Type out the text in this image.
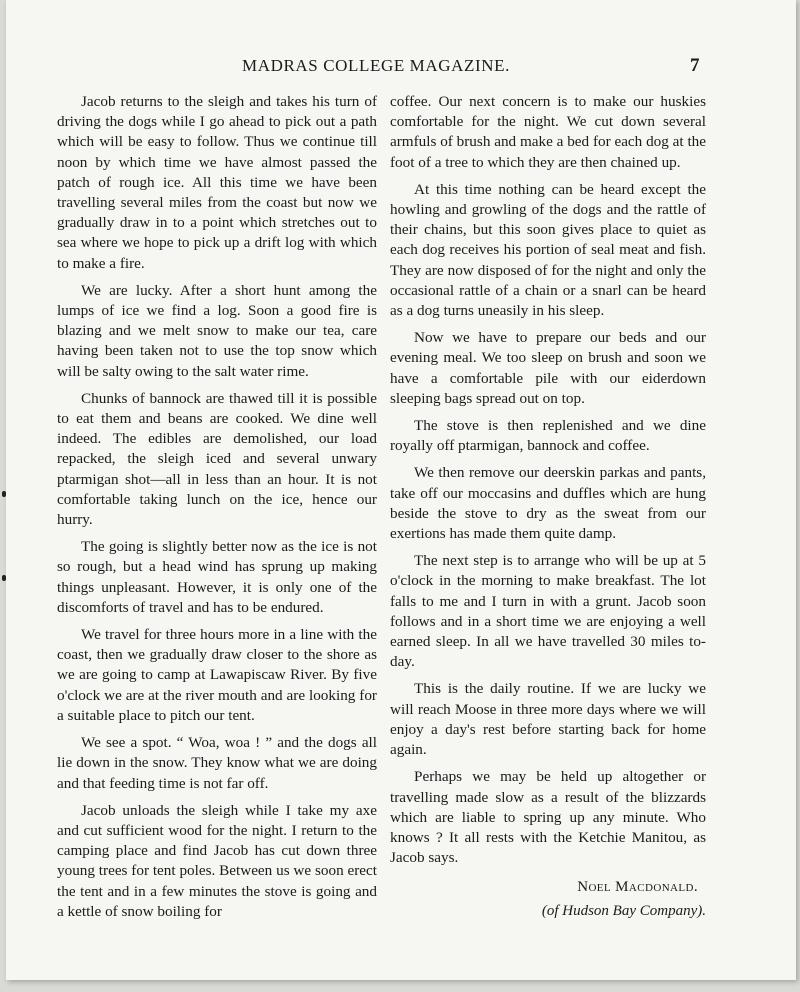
MADRAS COLLEGE MAGAZINE.	7

Jacob returns to the sleigh and takes his turn of driving the dogs while I go ahead to pick out a path which will be easy to follow. Thus we continue till noon by which time we have almost passed the patch of rough ice. All this time we have been travelling several miles from the coast but now we gradually draw in to a point which stretches out to sea where we hope to pick up a drift log with which to make a fire.

We are lucky. After a short hunt among the lumps of ice we find a log. Soon a good fire is blazing and we melt snow to make our tea, care having been taken not to use the top snow which will be salty owing to the salt water rime.

Chunks of bannock are thawed till it is possible to eat them and beans are cooked. We dine well indeed. The edibles are demolished, our load repacked, the sleigh iced and several unwary ptarmigan shot—all in less than an hour. It is not comfortable taking lunch on the ice, hence our hurry.

The going is slightly better now as the ice is not so rough, but a head wind has sprung up making things unpleasant. However, it is only one of the discomforts of travel and has to be endured.

We travel for three hours more in a line with the coast, then we gradually draw closer to the shore as we are going to camp at Lawapiscaw River. By five o'clock we are at the river mouth and are looking for a suitable place to pitch our tent.

We see a spot. “ Woa, woa ! ” and the dogs all lie down in the snow. They know what we are doing and that feeding time is not far off.

Jacob unloads the sleigh while I take my axe and cut sufficient wood for the night. I return to the camping place and find Jacob has cut down three young trees for tent poles. Between us we soon erect the tent and in a few minutes the stove is going and a kettle of snow boiling for

coffee. Our next concern is to make our huskies comfortable for the night. We cut down several armfuls of brush and make a bed for each dog at the foot of a tree to which they are then chained up.

At this time nothing can be heard except the howling and growling of the dogs and the rattle of their chains, but this soon gives place to quiet as each dog receives his portion of seal meat and fish. They are now disposed of for the night and only the occasional rattle of a chain or a snarl can be heard as a dog turns uneasily in his sleep.

Now we have to prepare our beds and our evening meal. We too sleep on brush and soon we have a comfortable pile with our eiderdown sleeping bags spread out on top.

The stove is then replenished and we dine royally off ptarmigan, bannock and coffee.

We then remove our deerskin parkas and pants, take off our moccasins and duffles which are hung beside the stove to dry as the sweat from our exertions has made them quite damp.

The next step is to arrange who will be up at 5 o'clock in the morning to make breakfast. The lot falls to me and I turn in with a grunt. Jacob soon follows and in a short time we are enjoying a well earned sleep. In all we have travelled 30 miles to-day.

This is the daily routine. If we are lucky we will reach Moose in three more days where we will enjoy a day's rest before starting back for home again.

Perhaps we may be held up altogether or travelling made slow as a result of the blizzards which are liable to spring up any minute. Who knows ? It all rests with the Ketchie Manitou, as Jacob says.

Noel Macdonald.
(of Hudson Bay Company).
